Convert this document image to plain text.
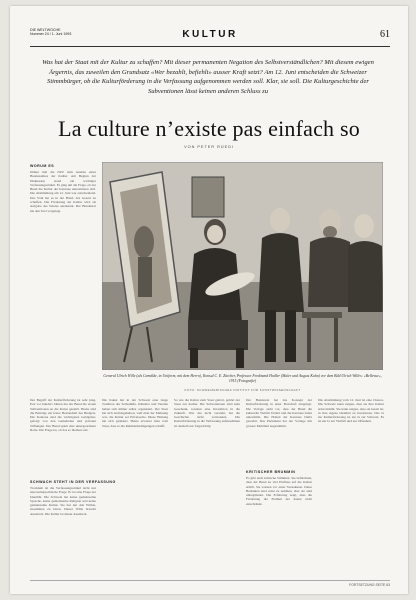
DIE WELTWOCHE
Nummer 24 / 1. Juni 1993	KULTUR	61
Was hat der Staat mit der Kultur zu schaffen? Mit dieser permanenten Negation des Selbstverständlichen? Mit diesem ewigen Ärgernis, das zuweilen den Grundsatz «Wer bezahlt, befiehlt» ausser Kraft setzt? Am 12. Juni entscheiden die Schweizer Stimmbürger, ob die Kulturförderung in die Verfassung aufgenommen werden soll. Klar, sie soll. Die Kulturgeschichte der Subventionen lässt keinen anderen Schluss zu
La culture n’existe pas einfach so
VON PETER RÜEDI
WORUM ES
Immer mal die NZZ zum Ausbau eines Bundesamtes der Kultur. Am Beginn der Diskussion stand ein wichtiger Verfassungsartikel. Es ging um die Frage, ob der Bund die Kultur der Kantone unterstützen darf. Die Abstimmung am 12. Juni war entscheidend. Das Volk hat es in der Hand, das Gesetz zu schaffen. Die Förderung der Kultur wird als Aufgabe des Staates anerkannt. Der Bundesrat hat den Text vorgelegt.
General Ulrich Wille (als Gemälde, in Uniform, mit dem Herrn), Konsul C. E. Zürcher, Professor Ferdinand Hodler (Maler und August Kuhn) vor dem Bild Ulrich Willes: «Bellevue», 1915 (Fotografie)
FOTO: SCHWEIZERISCHES INSTITUT FÜR KUNSTWISSENSCHAFT
Der Begriff der Kulturförderung ist sehr jung. Erst vor hundert Jahren hat der Bund die ersten Subventionen an die Kunst gezahlt. Heute sind die Beiträge ein fester Bestandteil des Budgets. Die Kantone sind die wichtigsten Geldgeber, gefolgt von den Gemeinden und privaten Stiftungen. Der Bund spielt eine untergeordnete Rolle. Die Frage ist, ob das so bleiben soll.
SCHWACH STEHT IN DER VERFASSUNG
Trotzdem ist die Verfassungsartikel nicht nur eine kulturpolitische Frage. Er ist eine Frage der Identität. Die Schweiz hat keine gemeinsame Sprache, keine gemeinsame Religion und keine gemeinsame Kultur. Sie hat nur den Willen, zusammen zu leben. Dieser Wille braucht Ausdruck. Die Kultur ist dieser Ausdruck.
Die Kunst hat in der Schweiz eine lange Tradition der Selbsthilfe. Künstler und Vereine haben sich immer selbst organisiert. Der Staat hat sich zurückgehalten, weil man der Meinung war, die Kultur sei Privatsache. Diese Haltung hat sich geändert. Heute erwartet man vom Staat, dass er die Rahmenbedingungen schafft.
So wie die Kultur zum Staat gehört, gehört der Staat zur Kultur. Die Subventionen sind kein Geschenk, sondern eine Investition in die Zukunft. Wer das nicht versteht, hat die Geschichte nicht verstanden. Die Kulturförderung in die Verfassung aufzunehmen ist deshalb nur folgerichtig.
Der Bundesrat hat das Konzept der Kulturförderung in einer Botschaft dargelegt. Die Vorlage sieht vor, dass der Bund die kulturelle Vielfalt fördert und die Kantone dabei unterstützt. Die Hoheit der Kantone bleibt gewahrt. Das Parlament hat der Vorlage mit grosser Mehrheit zugestimmt.
KRITISCHER BRUMMIN
Es gibt auch kritische Stimmen. Sie befürchten, dass der Bund zu viel Einfluss auf die Kultur erhält. Sie warnen vor einer Staatskunst. Diese Bedenken sind ernst zu nehmen, aber sie sind unbegründet. Die Erfahrung zeigt, dass die Förderung die Freiheit der Kunst nicht einschränkt.
Die Abstimmung vom 12. Juni ist eine Chance. Die Schweiz kann zeigen, dass sie ihre Kultur ernst nimmt. Sie kann zeigen, dass sie bereit ist, in ihre eigene Identität zu investieren. Das Ja zur Kulturförderung ist ein Ja zur Schweiz. Es ist ein Ja zur Vielfalt und zur Offenheit.
FORTSETZUNG SEITE 63
